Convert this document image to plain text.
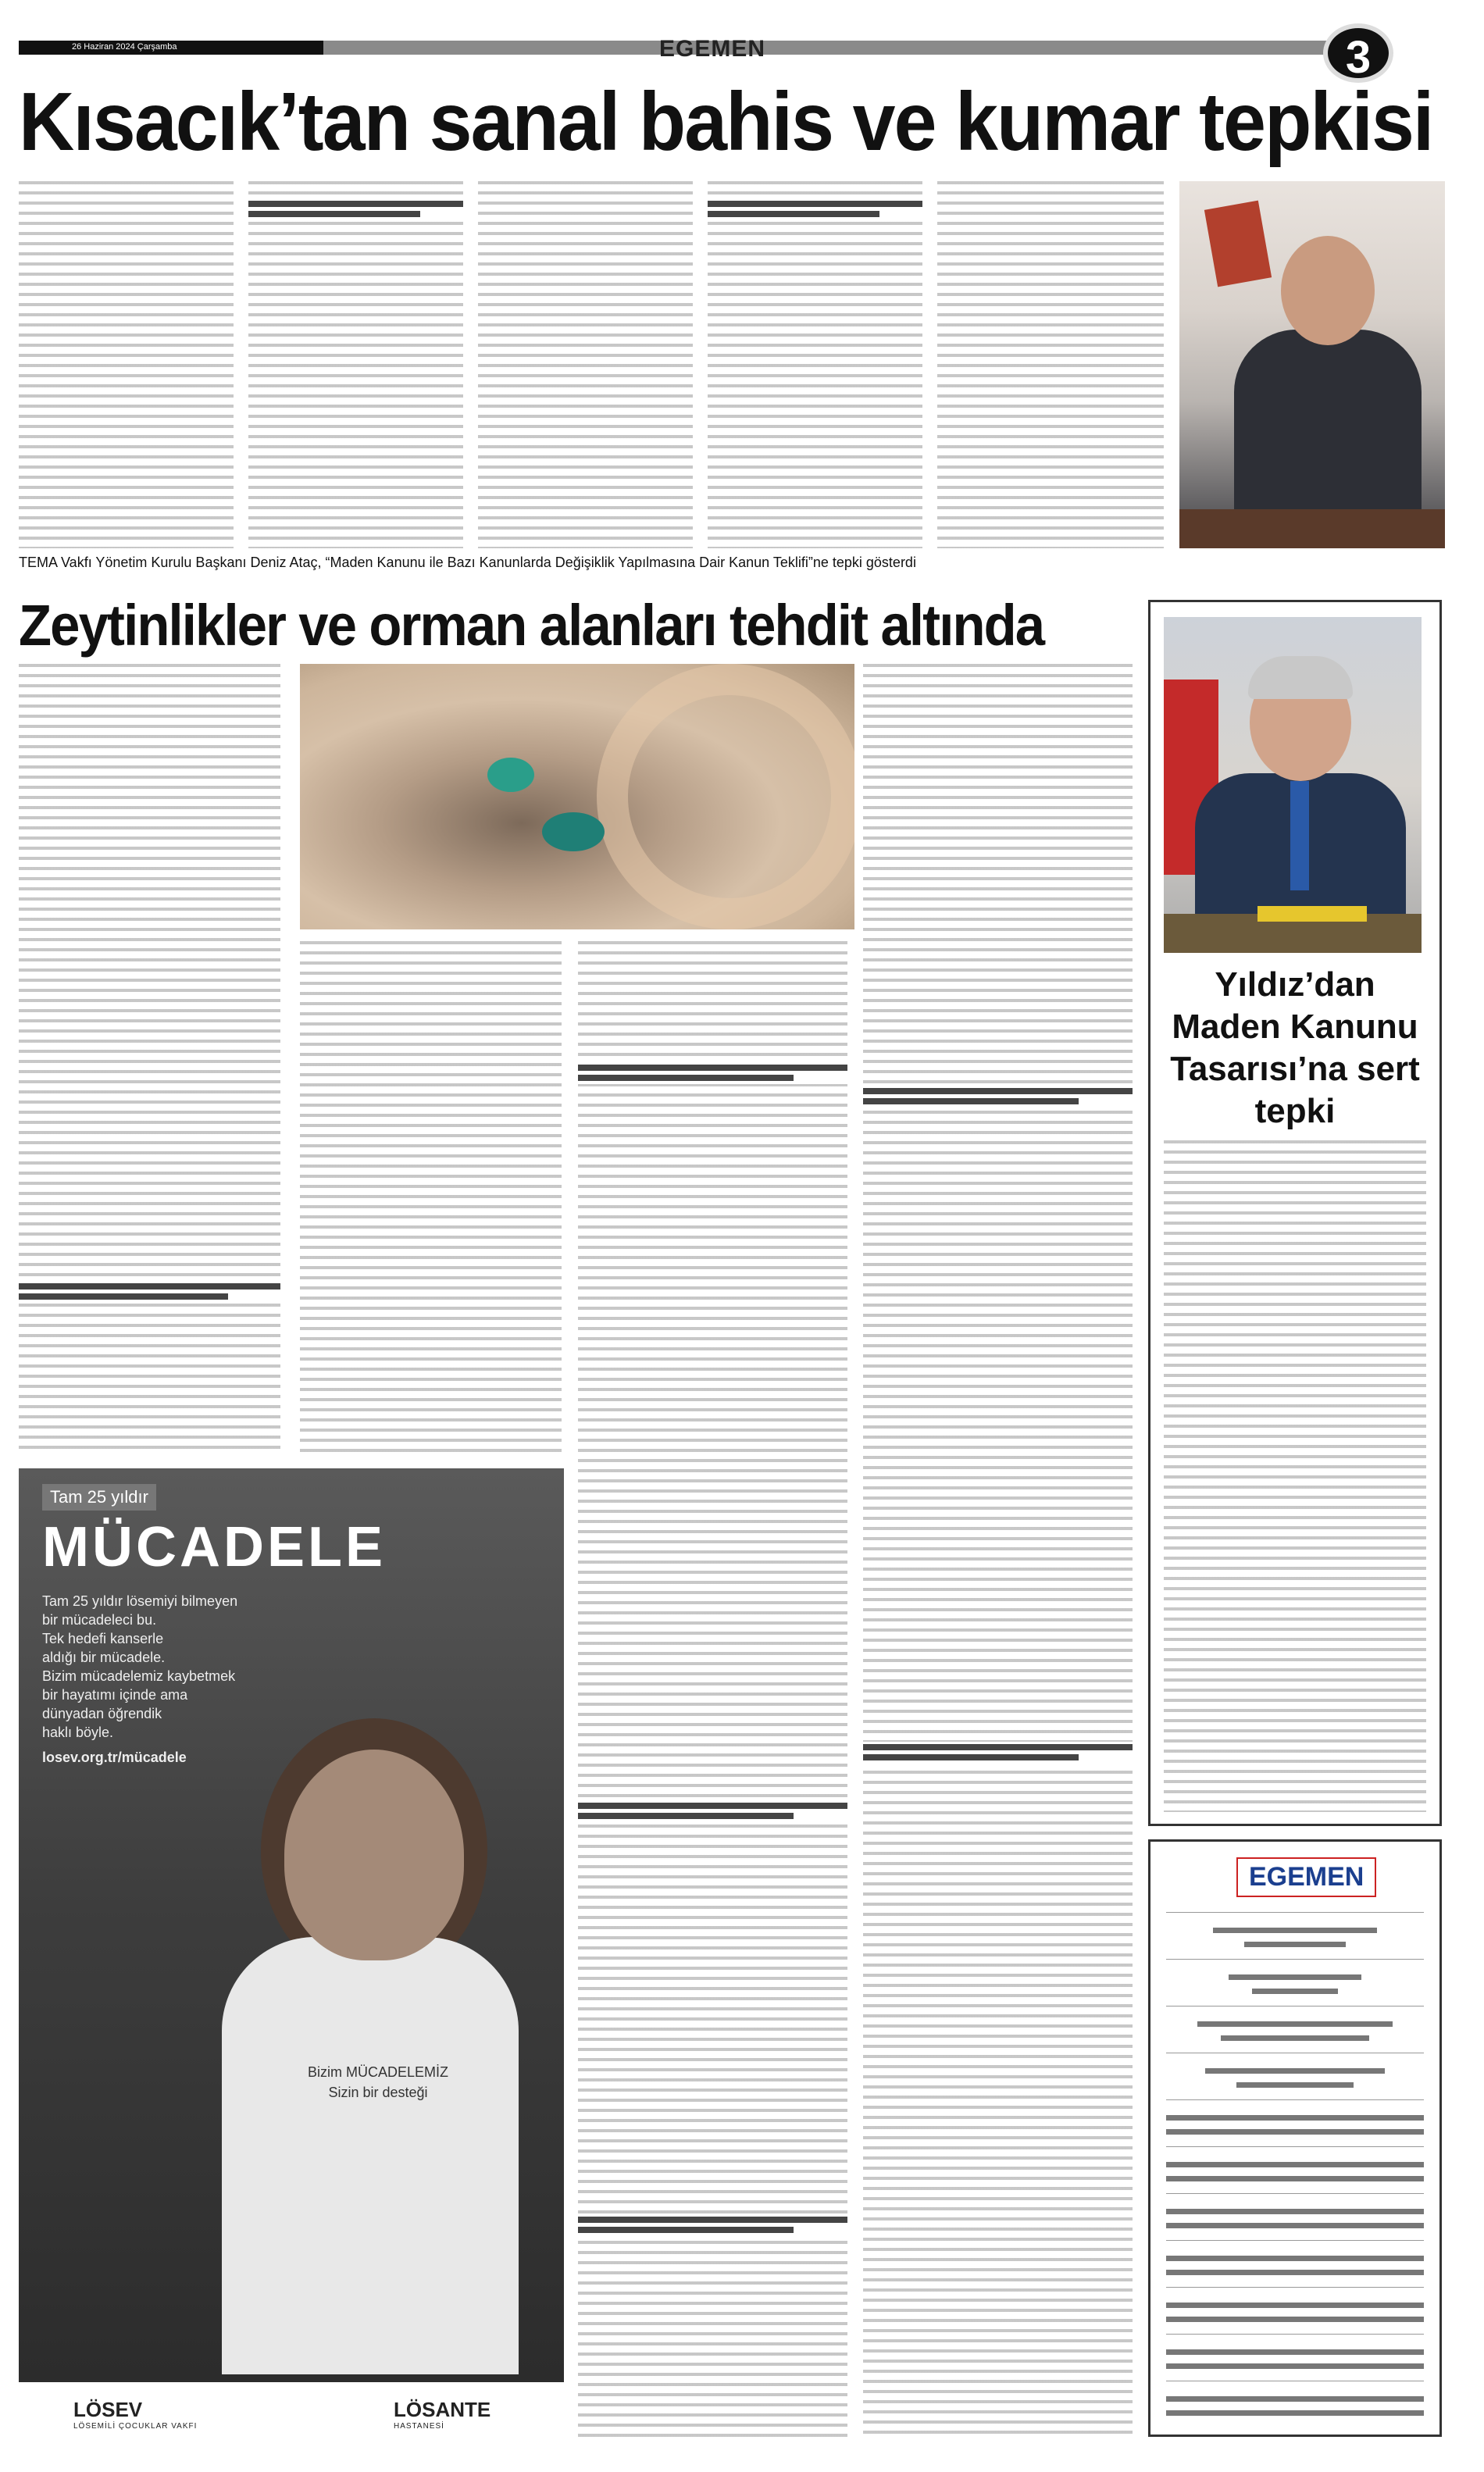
26 Haziran 2024 Çarşamba	EGEMEN	3
Kısacık’tan sanal bahis ve kumar tepkisi
TEMA Vakfı Yönetim Kurulu Başkanı Deniz Ataç, “Maden Kanunu ile Bazı Kanunlarda Değişiklik Yapılmasına Dair Kanun Teklifi”ne tepki gösterdi
Zeytinlikler ve orman alanları tehdit altında
Yıldız’dan Maden Kanunu Tasarısı’na sert tepki
Tam 25 yıldır
MÜCADELE
Tam 25 yıldır lösemiyi bilmeyen
bir mücadeleci bu.
Tek hedefi kanserle
aldığı bir mücadele.
Bizim mücadelemiz kaybetmek
bir hayatımı içinde ama
dünyadan öğrendik
haklı böyle.
losev.org.tr/mücadele
Bizim MÜCADELEMİZ Sizin bir desteği
LÖSEV
LÖSEMİLİ ÇOCUKLAR VAKFI
LÖSANTE
HASTANESİ
EGEMEN
